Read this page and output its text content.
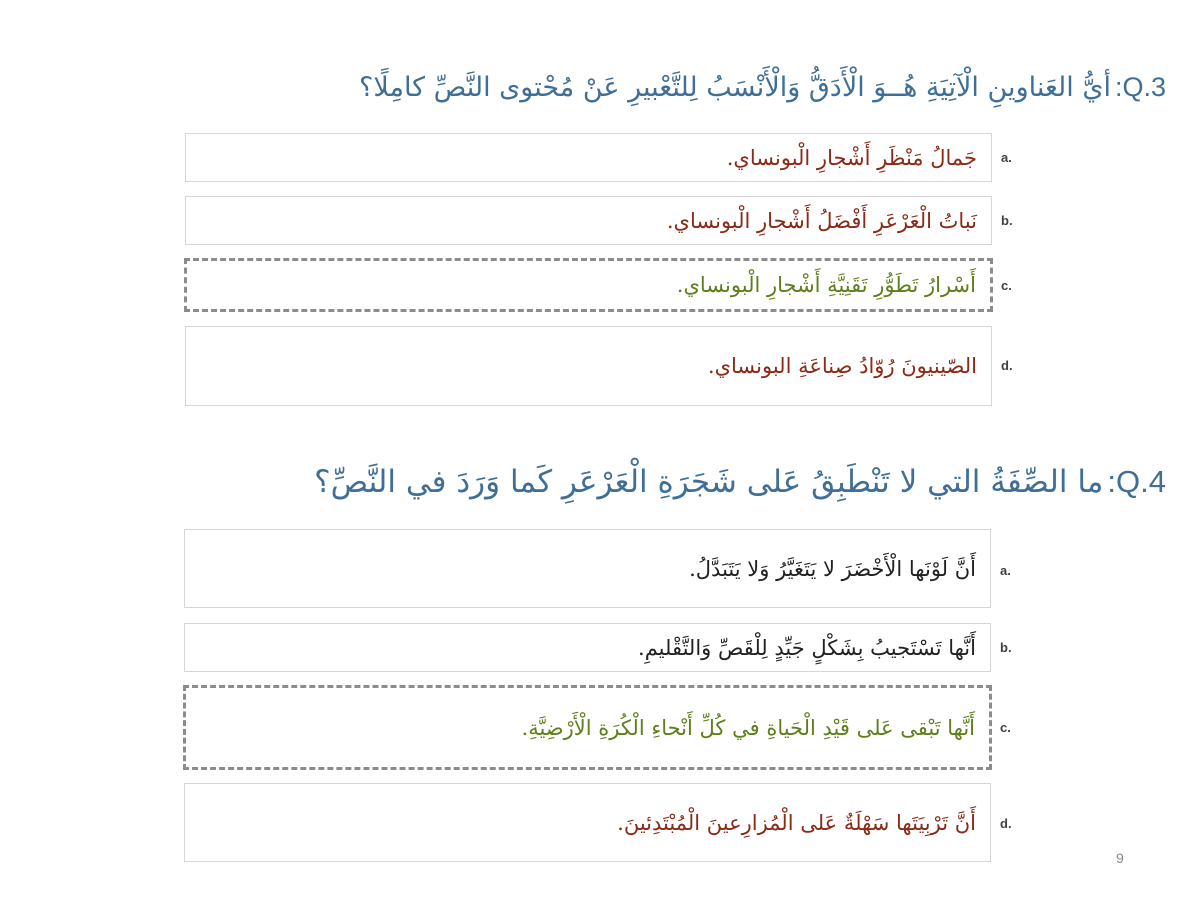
:Q.3
أيُّ العَناوينِ الْآتِيَةِ هُــوَ الْأَدَقُّ وَالْأَنْسَبُ لِلتَّعْبيرِ عَنْ مُحْتوى النَّصِّ كامِلًا؟
جَمالُ مَنْظَرِ أَشْجارِ الْبونساي.	a.
نَباتُ الْعَرْعَرِ أَفْضَلُ أَشْجارِ الْبونساي.	b.
أَسْرارُ تَطَوُّرِ تَقَنِيَّةِ أَشْجارِ الْبونساي.	c.
الصّينيونَ رُوّادُ صِناعَةِ البونساي.	d.
:Q.4
ما الصِّفَةُ التي لا تَنْطَبِقُ عَلى شَجَرَةِ الْعَرْعَرِ كَما وَرَدَ في النَّصِّ؟
أَنَّ لَوْنَها الْأَخْضَرَ لا يَتَغَيَّرُ وَلا يَتَبَدَّلُ.	a.
أَنَّها تَسْتَجيبُ بِشَكْلٍ جَيِّدٍ لِلْقَصِّ وَالتَّقْليمِ.	b.
أَنَّها تَبْقى عَلى قَيْدِ الْحَياةِ في كُلِّ أَنْحاءِ الْكُرَةِ الْأَرْضِيَّةِ.	c.
أَنَّ تَرْبِيَتَها سَهْلَةٌ عَلى الْمُزارِعينَ الْمُبْتَدِئينَ.	d.
9
